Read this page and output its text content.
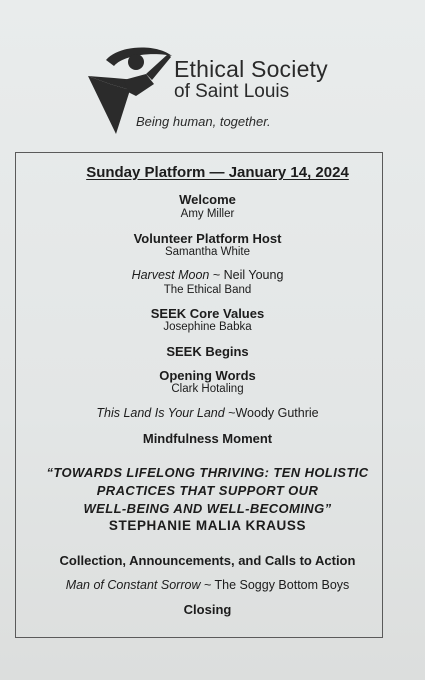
Ethical Society
of Saint Louis
Being human, together.
Sunday Platform — January 14, 2024
Welcome
Amy Miller
Volunteer Platform Host
Samantha White
Harvest Moon ~ Neil Young
The Ethical Band
SEEK Core Values
Josephine Babka
SEEK Begins
Opening Words
Clark Hotaling
This Land Is Your Land ~Woody Guthrie
Mindfulness Moment
“TOWARDS LIFELONG THRIVING: TEN HOLISTIC
PRACTICES THAT SUPPORT OUR
WELL-BEING AND WELL-BECOMING”
STEPHANIE MALIA KRAUSS
Collection, Announcements, and Calls to Action
Man of Constant Sorrow ~ The Soggy Bottom Boys
Closing
